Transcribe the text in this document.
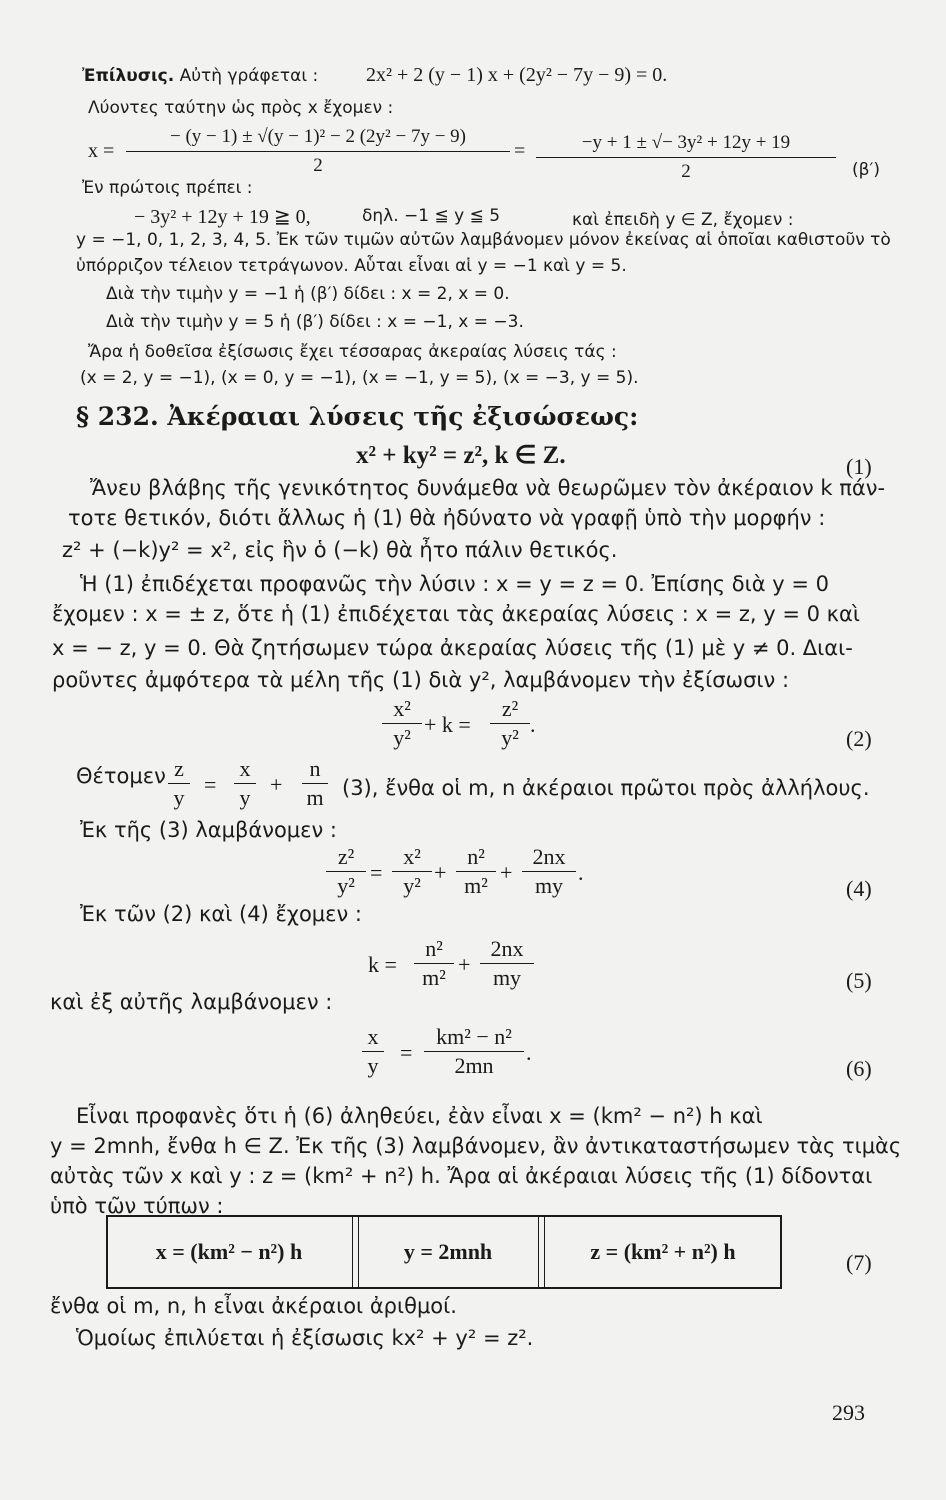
Ἐπίλυσις. Αὐτὴ γράφεται : 2x² + 2 (y − 1) x + (2y² − 7y − 9) = 0.
Λύοντες ταύτην ὡς πρὸς x ἔχομεν :
x =
− (y − 1) ± √(y − 1)² − 2 (2y² − 7y − 9)
2
=	−y + 1 ± √− 3y² + 12y + 19
2	(β′)
Ἐν πρώτοις πρέπει :
− 3y² + 12y + 19 ≧ 0,	δηλ. −1 ≦ y ≦ 5	καὶ ἐπειδὴ y ∈ Z, ἔχομεν :
y = −1, 0, 1, 2, 3, 4, 5. Ἐκ τῶν τιμῶν αὐτῶν λαμβάνομεν μόνον ἐκείνας αἱ ὁποῖαι καθιστοῦν τὸ
ὑπόρριζον τέλειον τετράγωνον. Αὗται εἶναι αἱ y = −1 καὶ y = 5.
Διὰ τὴν τιμὴν y = −1 ἡ (β′) δίδει : x = 2, x = 0.
Διὰ τὴν τιμὴν y = 5 ἡ (β′) δίδει : x = −1, x = −3.
Ἄρα ἡ δοθεῖσα ἐξίσωσις ἔχει τέσσαρας ἀκεραίας λύσεις τάς :
(x = 2, y = −1), (x = 0, y = −1), (x = −1, y = 5), (x = −3, y = 5).
§ 232. Ἀκέραιαι λύσεις τῆς ἐξισώσεως:
x² + ky² = z², k ∈ Z.	(1)
Ἄνευ βλάβης τῆς γενικότητος δυνάμεθα νὰ θεωρῶμεν τὸν ἀκέραιον k πάν-
τοτε θετικόν, διότι ἄλλως ἡ (1) θὰ ἠδύνατο νὰ γραφῇ ὑπὸ τὴν μορφήν :
z² + (−k)y² = x², εἰς ἣν ὁ (−k) θὰ ἦτο πάλιν θετικός.
Ἡ (1) ἐπιδέχεται προφανῶς τὴν λύσιν : x = y = z = 0. Ἐπίσης διὰ y = 0
ἔχομεν : x = ± z, ὅτε ἡ (1) ἐπιδέχεται τὰς ἀκεραίας λύσεις : x = z, y = 0 καὶ
x = − z, y = 0. Θὰ ζητήσωμεν τώρα ἀκεραίας λύσεις τῆς (1) μὲ y ≠ 0. Διαι-
ροῦντες ἀμφότερα τὰ μέλη τῆς (1) διὰ y², λαμβάνομεν τὴν ἐξίσωσιν :
x²
y²
+ k =
z²
y²
.
(2)
Θέτομεν z
y
=
x
y
+
n
m (3), ἔνθα οἱ m, n ἀκέραιοι πρῶτοι πρὸς ἀλλήλους.
Ἐκ τῆς (3) λαμβάνομεν :
z²
y²
=
x²
y²
+
n²
m²
+
2nx
my
.
(4)
Ἐκ τῶν (2) καὶ (4) ἔχομεν :
k =
n²
m²
+
2nx
my	(5)
καὶ ἐξ αὐτῆς λαμβάνομεν :
x
y
=
km² − n²
2mn
.
(6)
Εἶναι προφανὲς ὅτι ἡ (6) ἀληθεύει, ἐὰν εἶναι x = (km² − n²) h καὶ
y = 2mnh, ἔνθα h ∈ Z. Ἐκ τῆς (3) λαμβάνομεν, ἂν ἀντικαταστήσωμεν τὰς τιμὰς
αὐτὰς τῶν x καὶ y : z = (km² + n²) h. Ἄρα αἱ ἀκέραιαι λύσεις τῆς (1) δίδονται
ὑπὸ τῶν τύπων :
x = (km² − n²) h	y = 2mnh	z = (km² + n²) h	(7)
ἔνθα οἱ m, n, h εἶναι ἀκέραιοι ἀριθμοί.
Ὁμοίως ἐπιλύεται ἡ ἐξίσωσις kx² + y² = z².
293
